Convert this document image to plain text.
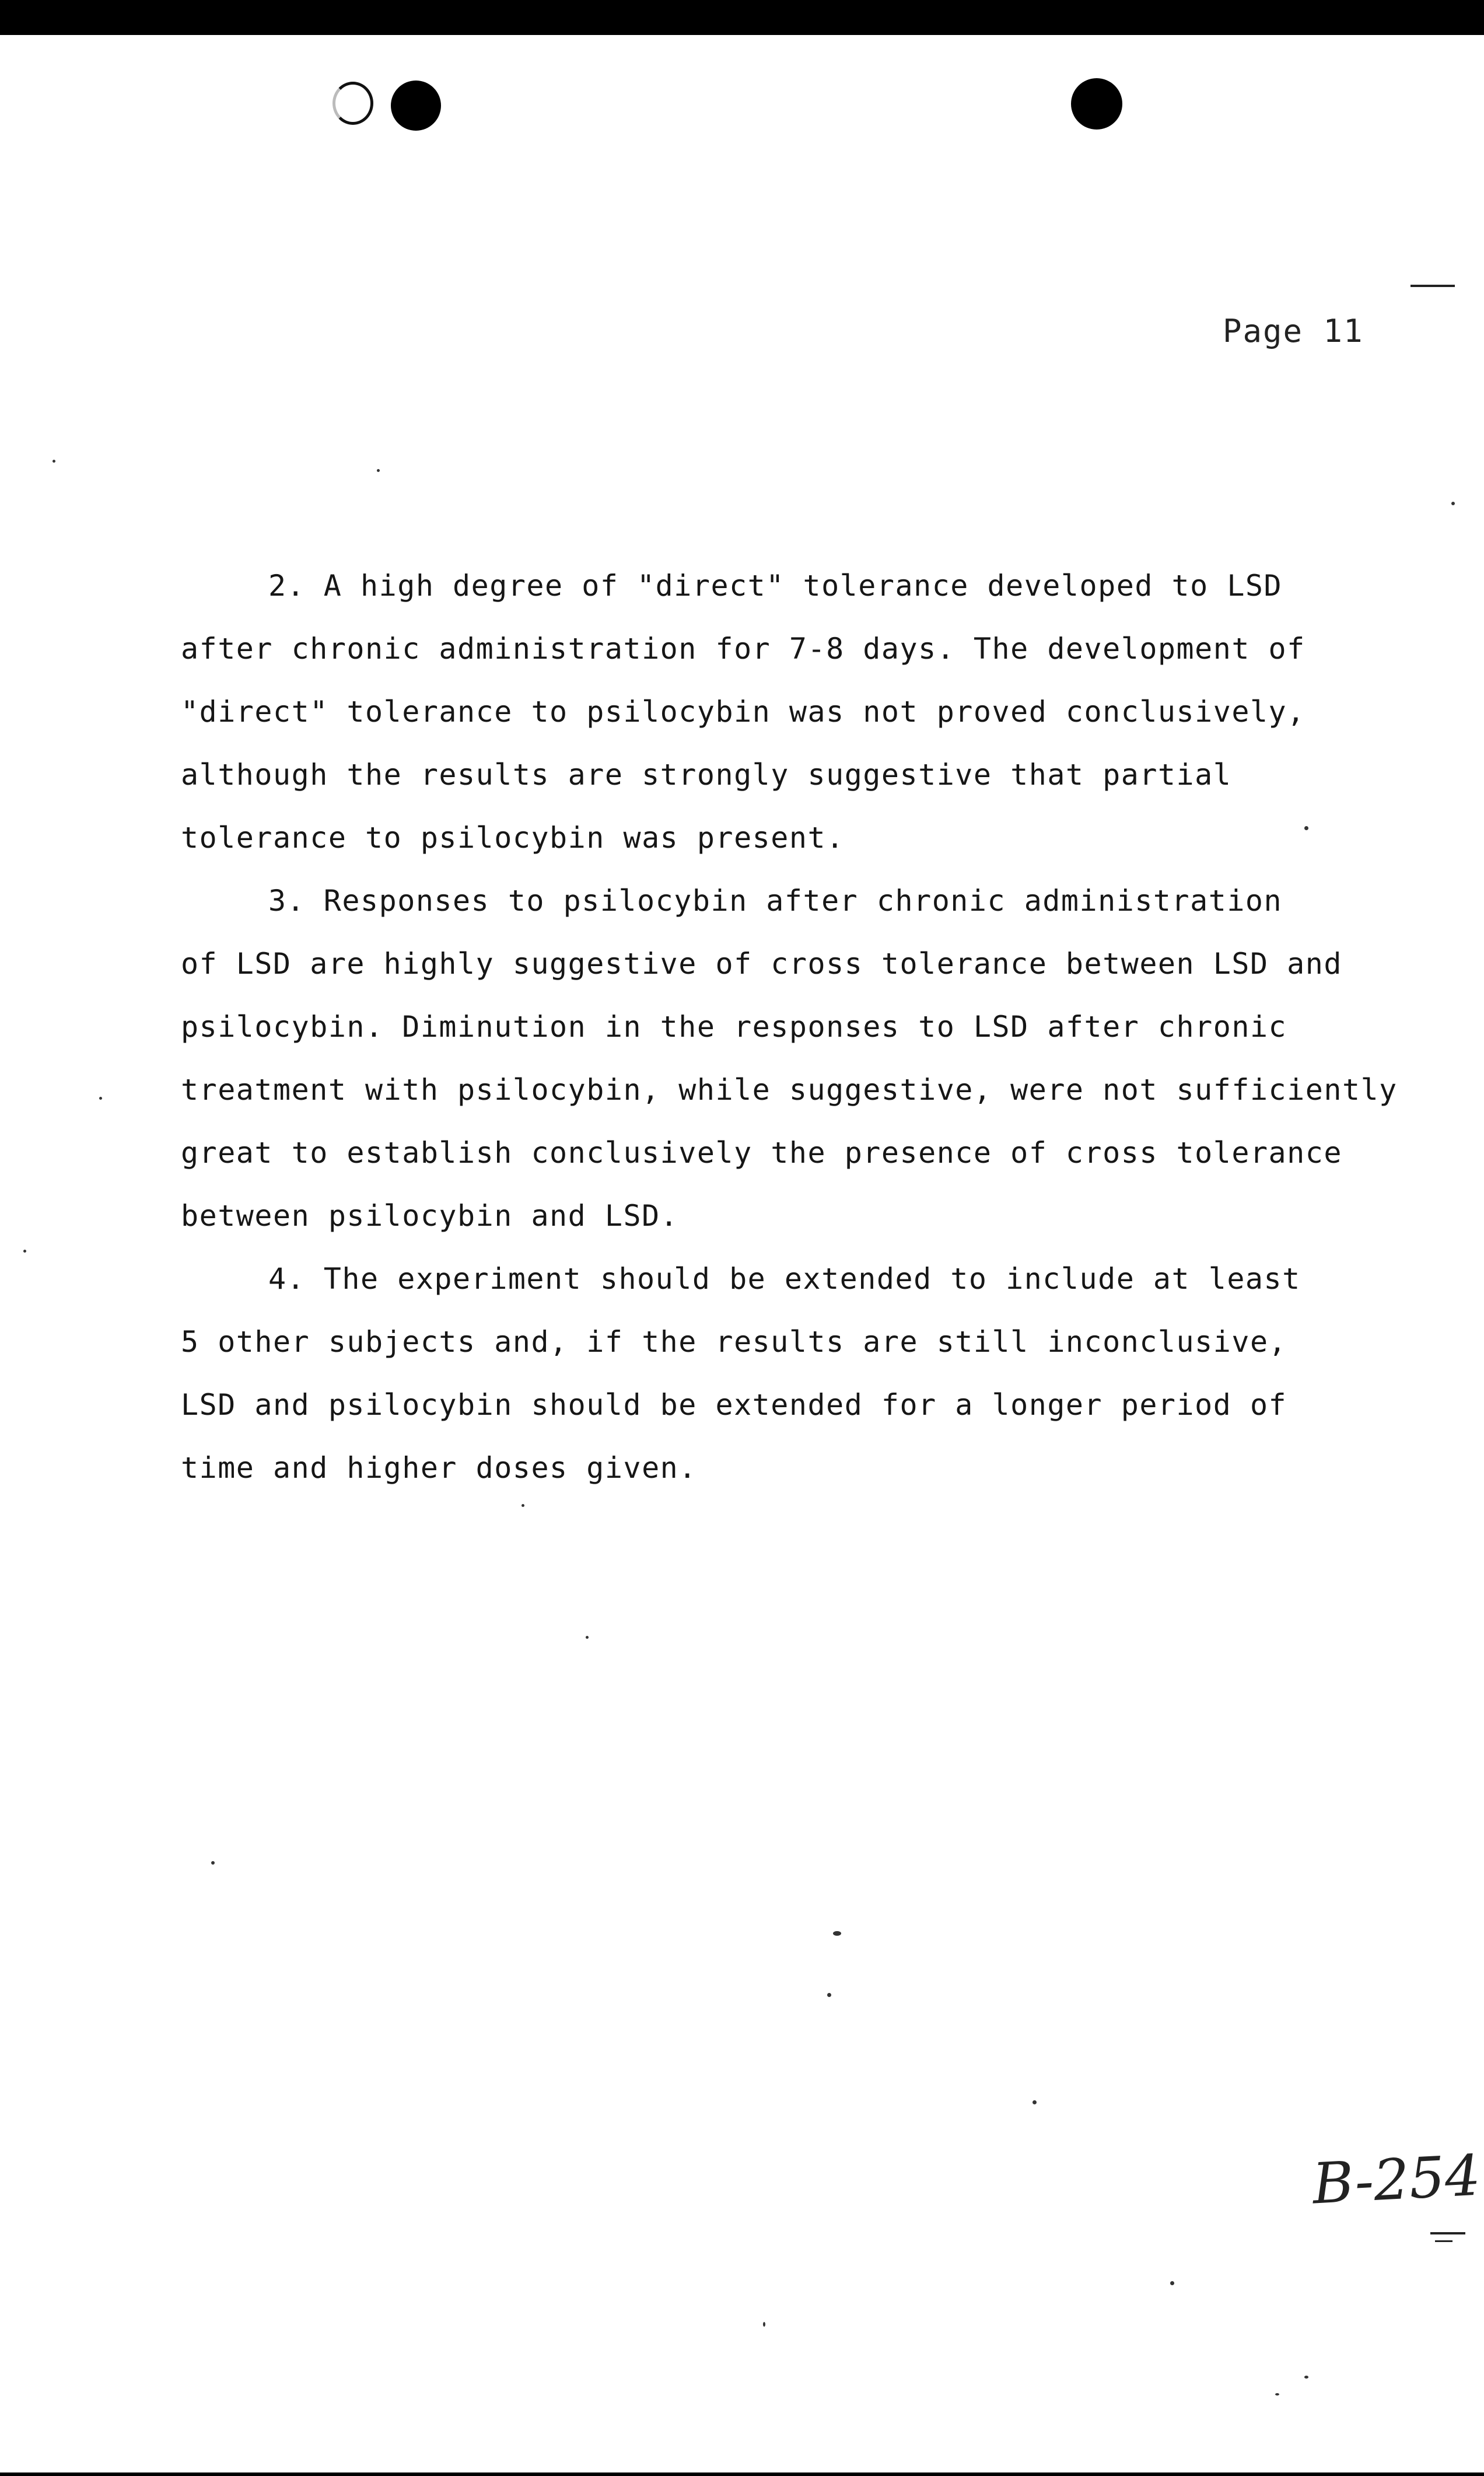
Page 11

2. A high degree of "direct" tolerance developed to LSD
after chronic administration for 7-8 days. The development of
"direct" tolerance to psilocybin was not proved conclusively,
although the results are strongly suggestive that partial
tolerance to psilocybin was present.

3. Responses to psilocybin after chronic administration
of LSD are highly suggestive of cross tolerance between LSD and
psilocybin. Diminution in the responses to LSD after chronic
treatment with psilocybin, while suggestive, were not sufficiently
great to establish conclusively the presence of cross tolerance
between psilocybin and LSD.

4. The experiment should be extended to include at least
5 other subjects and, if the results are still inconclusive,
LSD and psilocybin should be extended for a longer period of
time and higher doses given.

B-254
